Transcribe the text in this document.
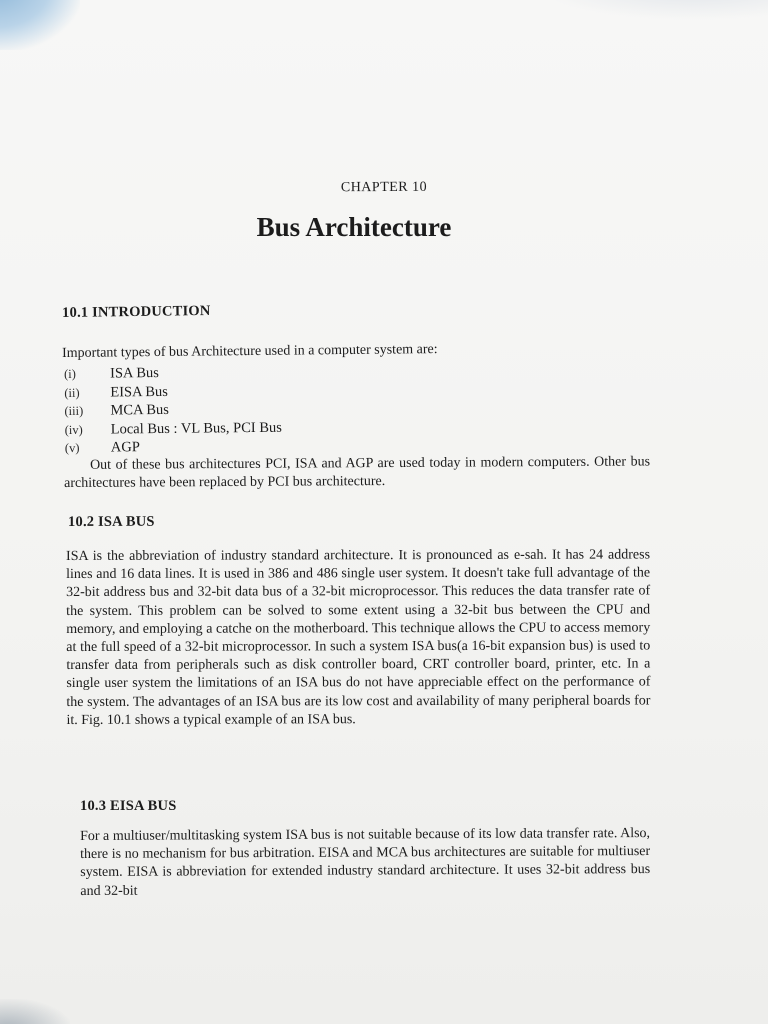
CHAPTER 10
Bus Architecture
10.1 INTRODUCTION
Important types of bus Architecture used in a computer system are:
(i)	ISA Bus
(ii)	EISA Bus
(iii)	MCA Bus
(iv)	Local Bus : VL Bus, PCI Bus
(v)	AGP
Out of these bus architectures PCI, ISA and AGP are used today in modern computers. Other bus architectures have been replaced by PCI bus architecture.
10.2 ISA BUS
ISA is the abbreviation of industry standard architecture. It is pronounced as e-sah. It has 24 address lines and 16 data lines. It is used in 386 and 486 single user system. It doesn't take full advantage of the 32-bit address bus and 32-bit data bus of a 32-bit microprocessor. This reduces the data transfer rate of the system. This problem can be solved to some extent using a 32-bit bus between the CPU and memory, and employing a catche on the motherboard. This technique allows the CPU to access memory at the full speed of a 32-bit microprocessor. In such a system ISA bus(a 16-bit expansion bus) is used to transfer data from peripherals such as disk controller board, CRT controller board, printer, etc. In a single user system the limitations of an ISA bus do not have appreciable effect on the performance of the system. The advantages of an ISA bus are its low cost and availability of many peripheral boards for it. Fig. 10.1 shows a typical example of an ISA bus.
10.3 EISA BUS
For a multiuser/multitasking system ISA bus is not suitable because of its low data transfer rate. Also, there is no mechanism for bus arbitration. EISA and MCA bus architectures are suitable for multiuser system. EISA is abbreviation for extended industry standard architecture. It uses 32-bit address bus and 32-bit
